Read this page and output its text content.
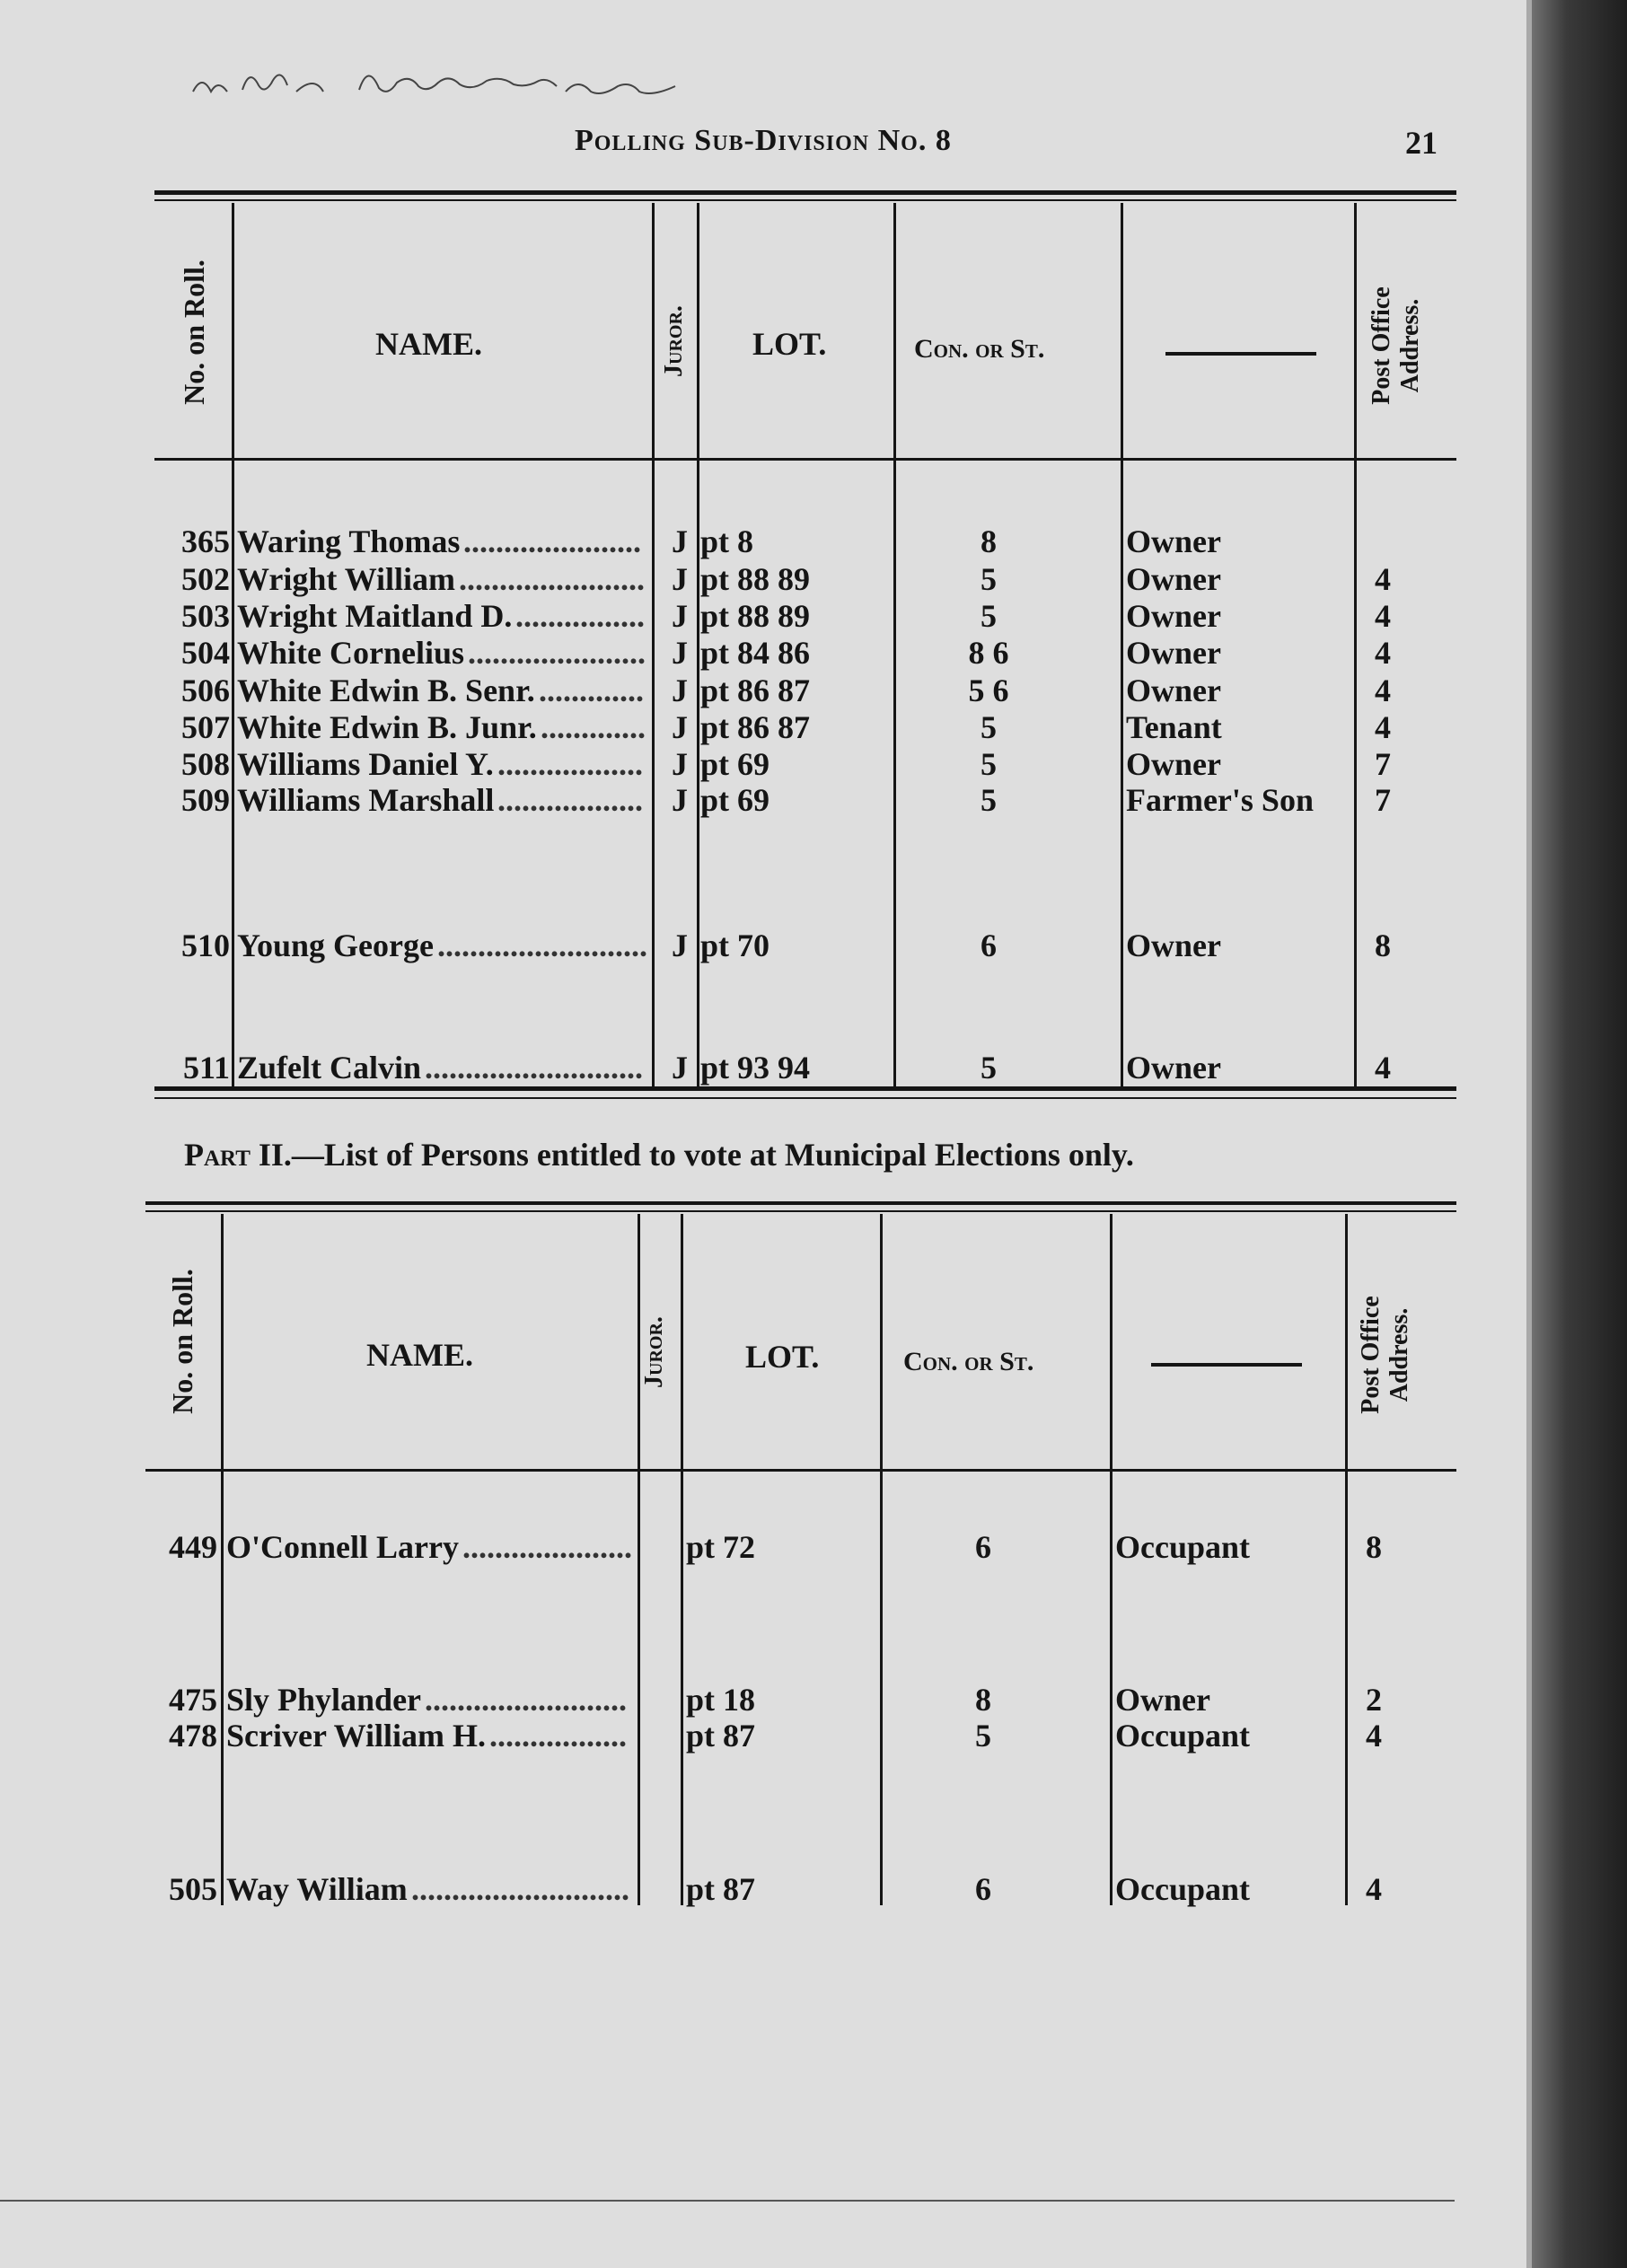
Polling Sub-Division No. 8	21
No. on Roll.	NAME.	Juror. LOT.	Con. or St.	Post Office Address.
365 Waring Thomas ...................... J pt 8	8	Owner
502 Wright William ....................... J pt 88 89	5	Owner	4
503 Wright Maitland D. ................ J pt 88 89	5	Owner	4
504 White Cornelius ...................... J pt 84 86	8 6	Owner	4
506 White Edwin B. Senr. ............. J pt 86 87	5 6	Owner	4
507 White Edwin B. Junr. ............. J pt 86 87	5	Tenant	4
508 Williams Daniel Y. .................. J pt 69	5	Owner	7
509 Williams Marshall .................. J pt 69	5	Farmer's Son	7
510 Young George .......................... J pt 70	6	Owner	8
511 Zufelt Calvin ........................... J pt 93 94	5	Owner	4
Part II.—List of Persons entitled to vote at Municipal Elections only.
No. on Roll.	NAME.	Juror. LOT.	Con. or St.	Post Office Address.
449 O'Connell Larry ..................... pt 72	6	Occupant	8
475 Sly Phylander ......................... pt 18	8	Owner	2
478 Scriver William H. ................. pt 87	5	Occupant	4
505 Way William ........................... pt 87	6	Occupant	4
